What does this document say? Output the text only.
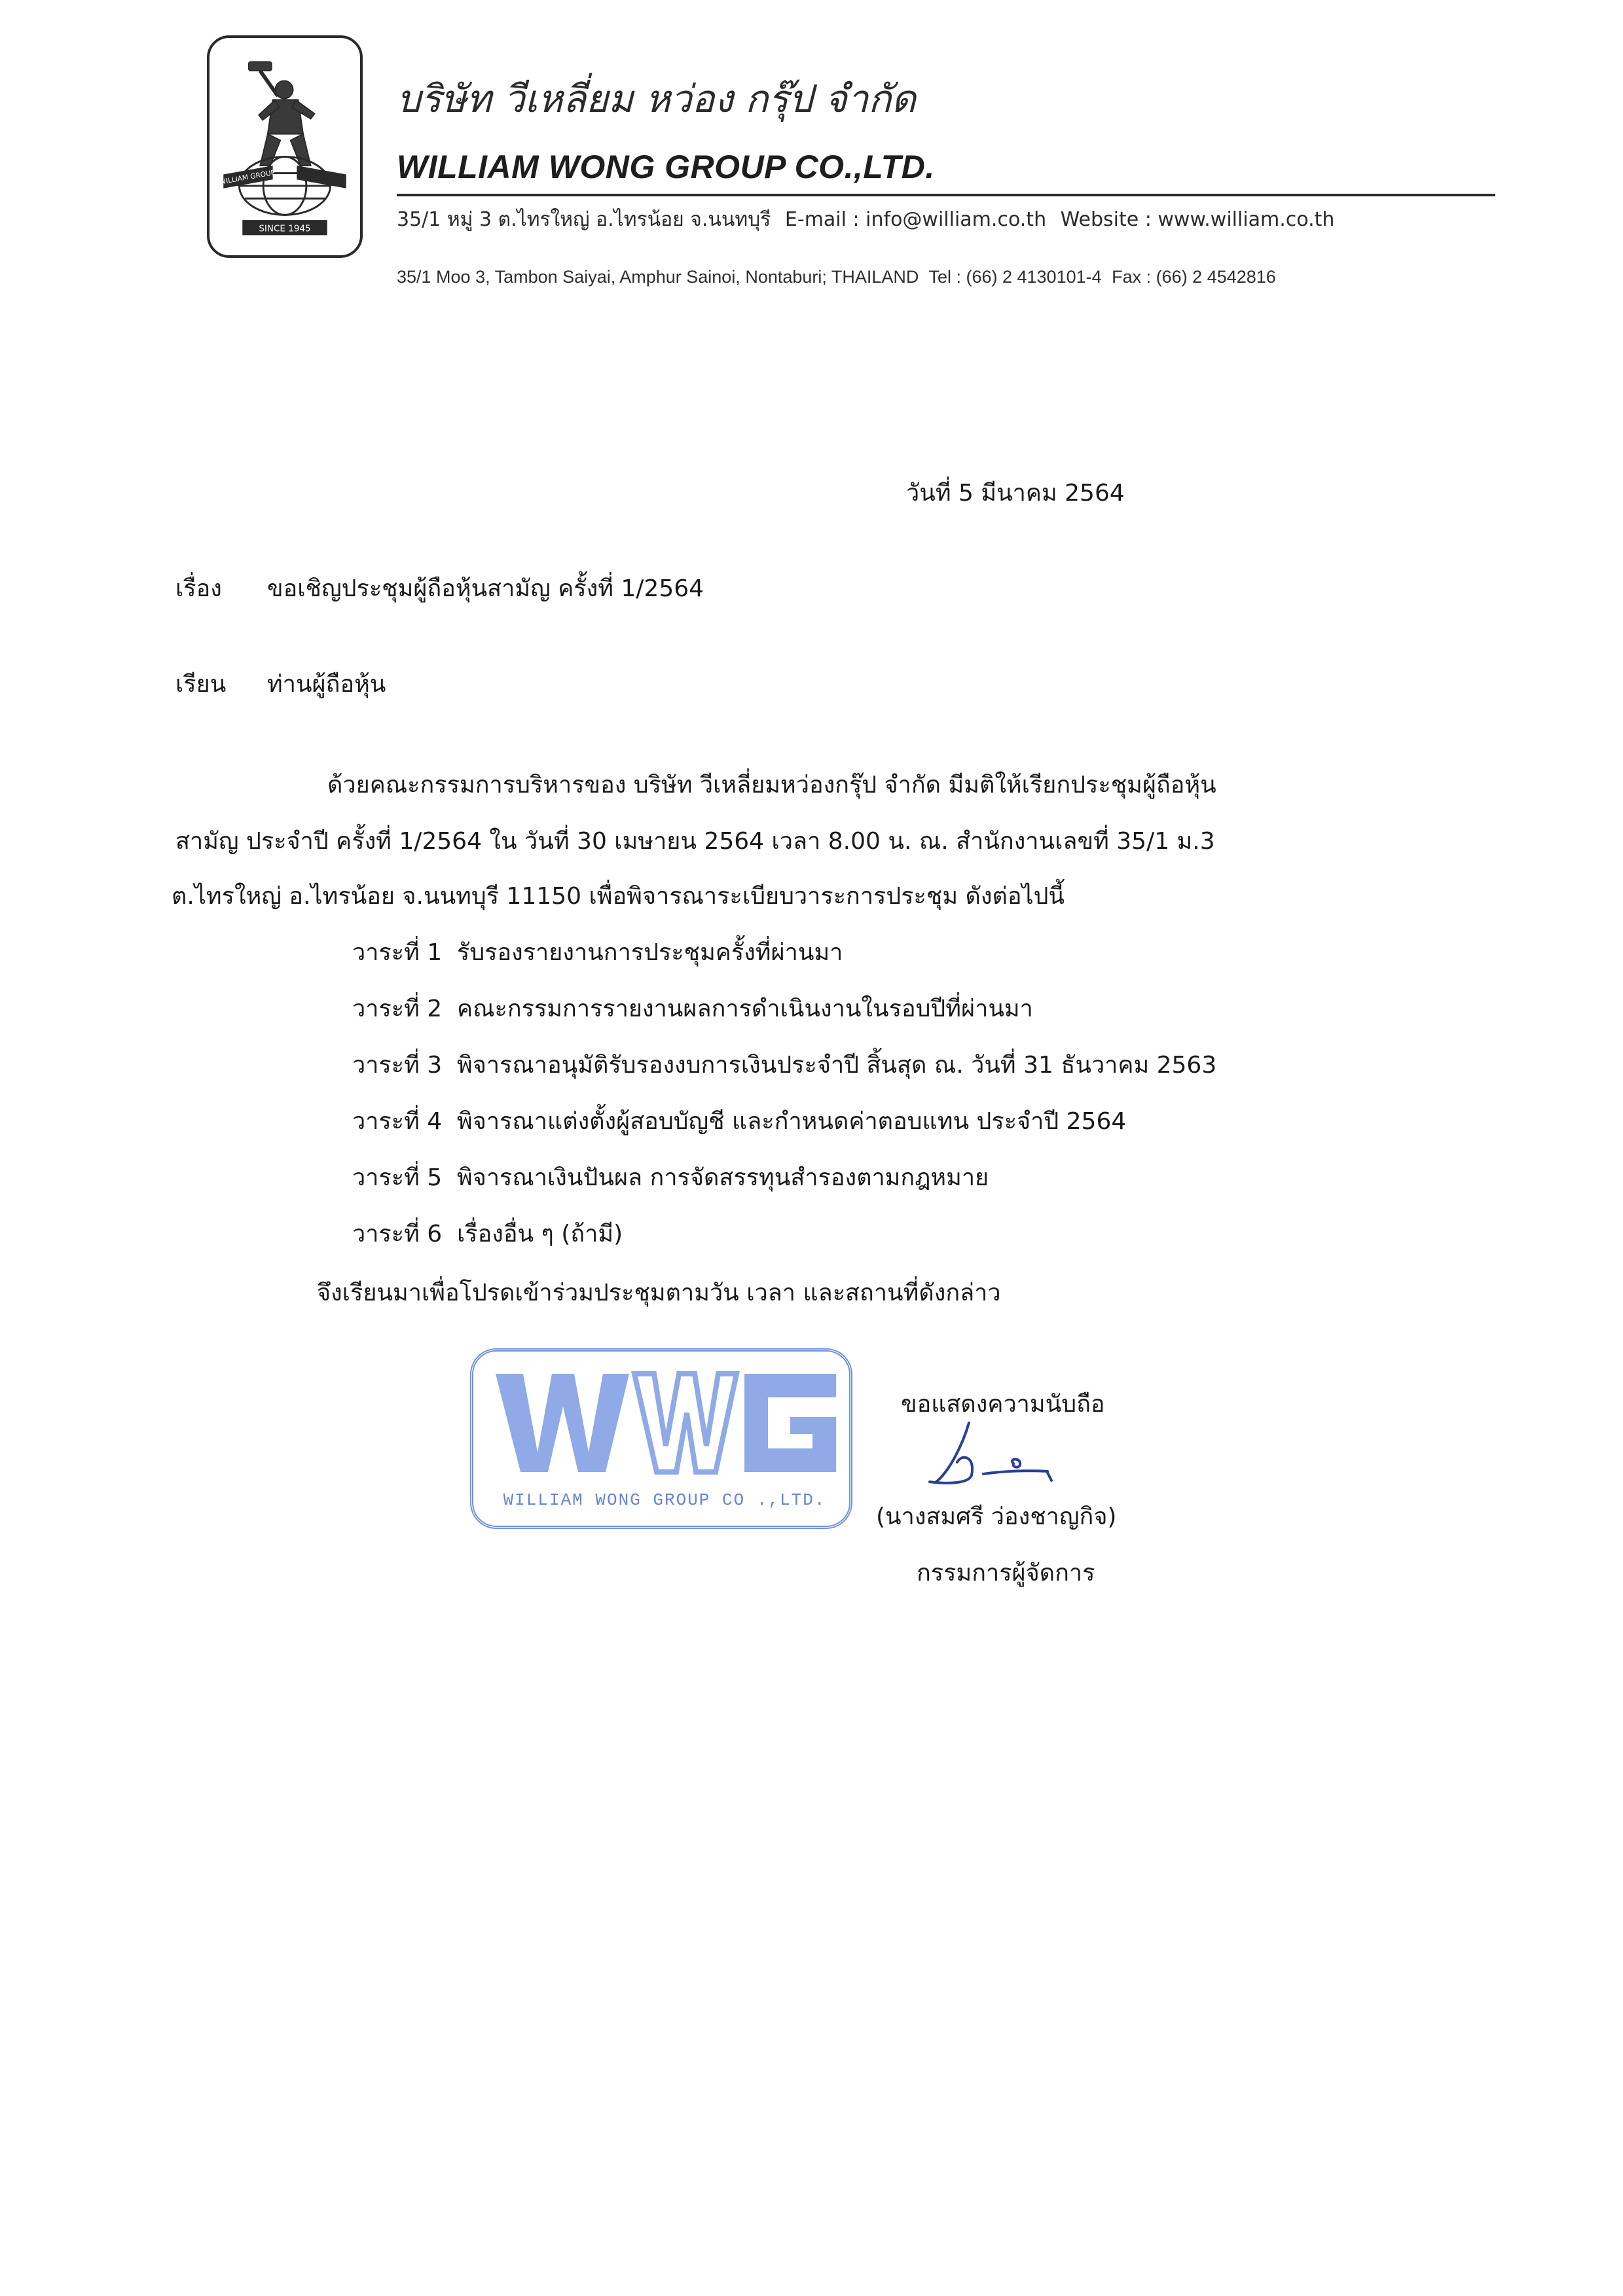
SINCE 1945
WILLIAM GROUP
บริษัท วีเหลี่ยม หว่อง กรุ๊ป จำกัด
WILLIAM WONG GROUP CO.,LTD.
35/1 หมู่ 3 ต.ไทรใหญ่ อ.ไทรน้อย จ.นนทบุรี E-mail : info@william.co.th Website : www.william.co.th
35/1 Moo 3, Tambon Saiyai, Amphur Sainoi, Nontaburi; THAILAND Tel : (66) 2 4130101-4 Fax : (66) 2 4542816
วันที่ 5 มีนาคม 2564
เรื่อง ขอเชิญประชุมผู้ถือหุ้นสามัญ ครั้งที่ 1/2564
เรียน ท่านผู้ถือหุ้น
ด้วยคณะกรรมการบริหารของ บริษัท วีเหลี่ยมหว่องกรุ๊ป จำกัด มีมติให้เรียกประชุมผู้ถือหุ้น
สามัญ ประจำปี ครั้งที่ 1/2564 ใน วันที่ 30 เมษายน 2564 เวลา 8.00 น. ณ. สำนักงานเลขที่ 35/1 ม.3
ต.ไทรใหญ่ อ.ไทรน้อย จ.นนทบุรี 11150 เพื่อพิจารณาระเบียบวาระการประชุม ดังต่อไปนี้
วาระที่ 1 รับรองรายงานการประชุมครั้งที่ผ่านมา
วาระที่ 2 คณะกรรมการรายงานผลการดำเนินงานในรอบปีที่ผ่านมา
วาระที่ 3 พิจารณาอนุมัติรับรองงบการเงินประจำปี สิ้นสุด ณ. วันที่ 31 ธันวาคม 2563
วาระที่ 4 พิจารณาแต่งตั้งผู้สอบบัญชี และกำหนดค่าตอบแทน ประจำปี 2564
วาระที่ 5 พิจารณาเงินปันผล การจัดสรรทุนสำรองตามกฎหมาย
วาระที่ 6 เรื่องอื่น ๆ (ถ้ามี)
จึงเรียนมาเพื่อโปรดเข้าร่วมประชุมตามวัน เวลา และสถานที่ดังกล่าว
WILLIAM WONG GROUP CO .,LTD.
ขอแสดงความนับถือ
(นางสมศรี ว่องชาญกิจ)
กรรมการผู้จัดการ
